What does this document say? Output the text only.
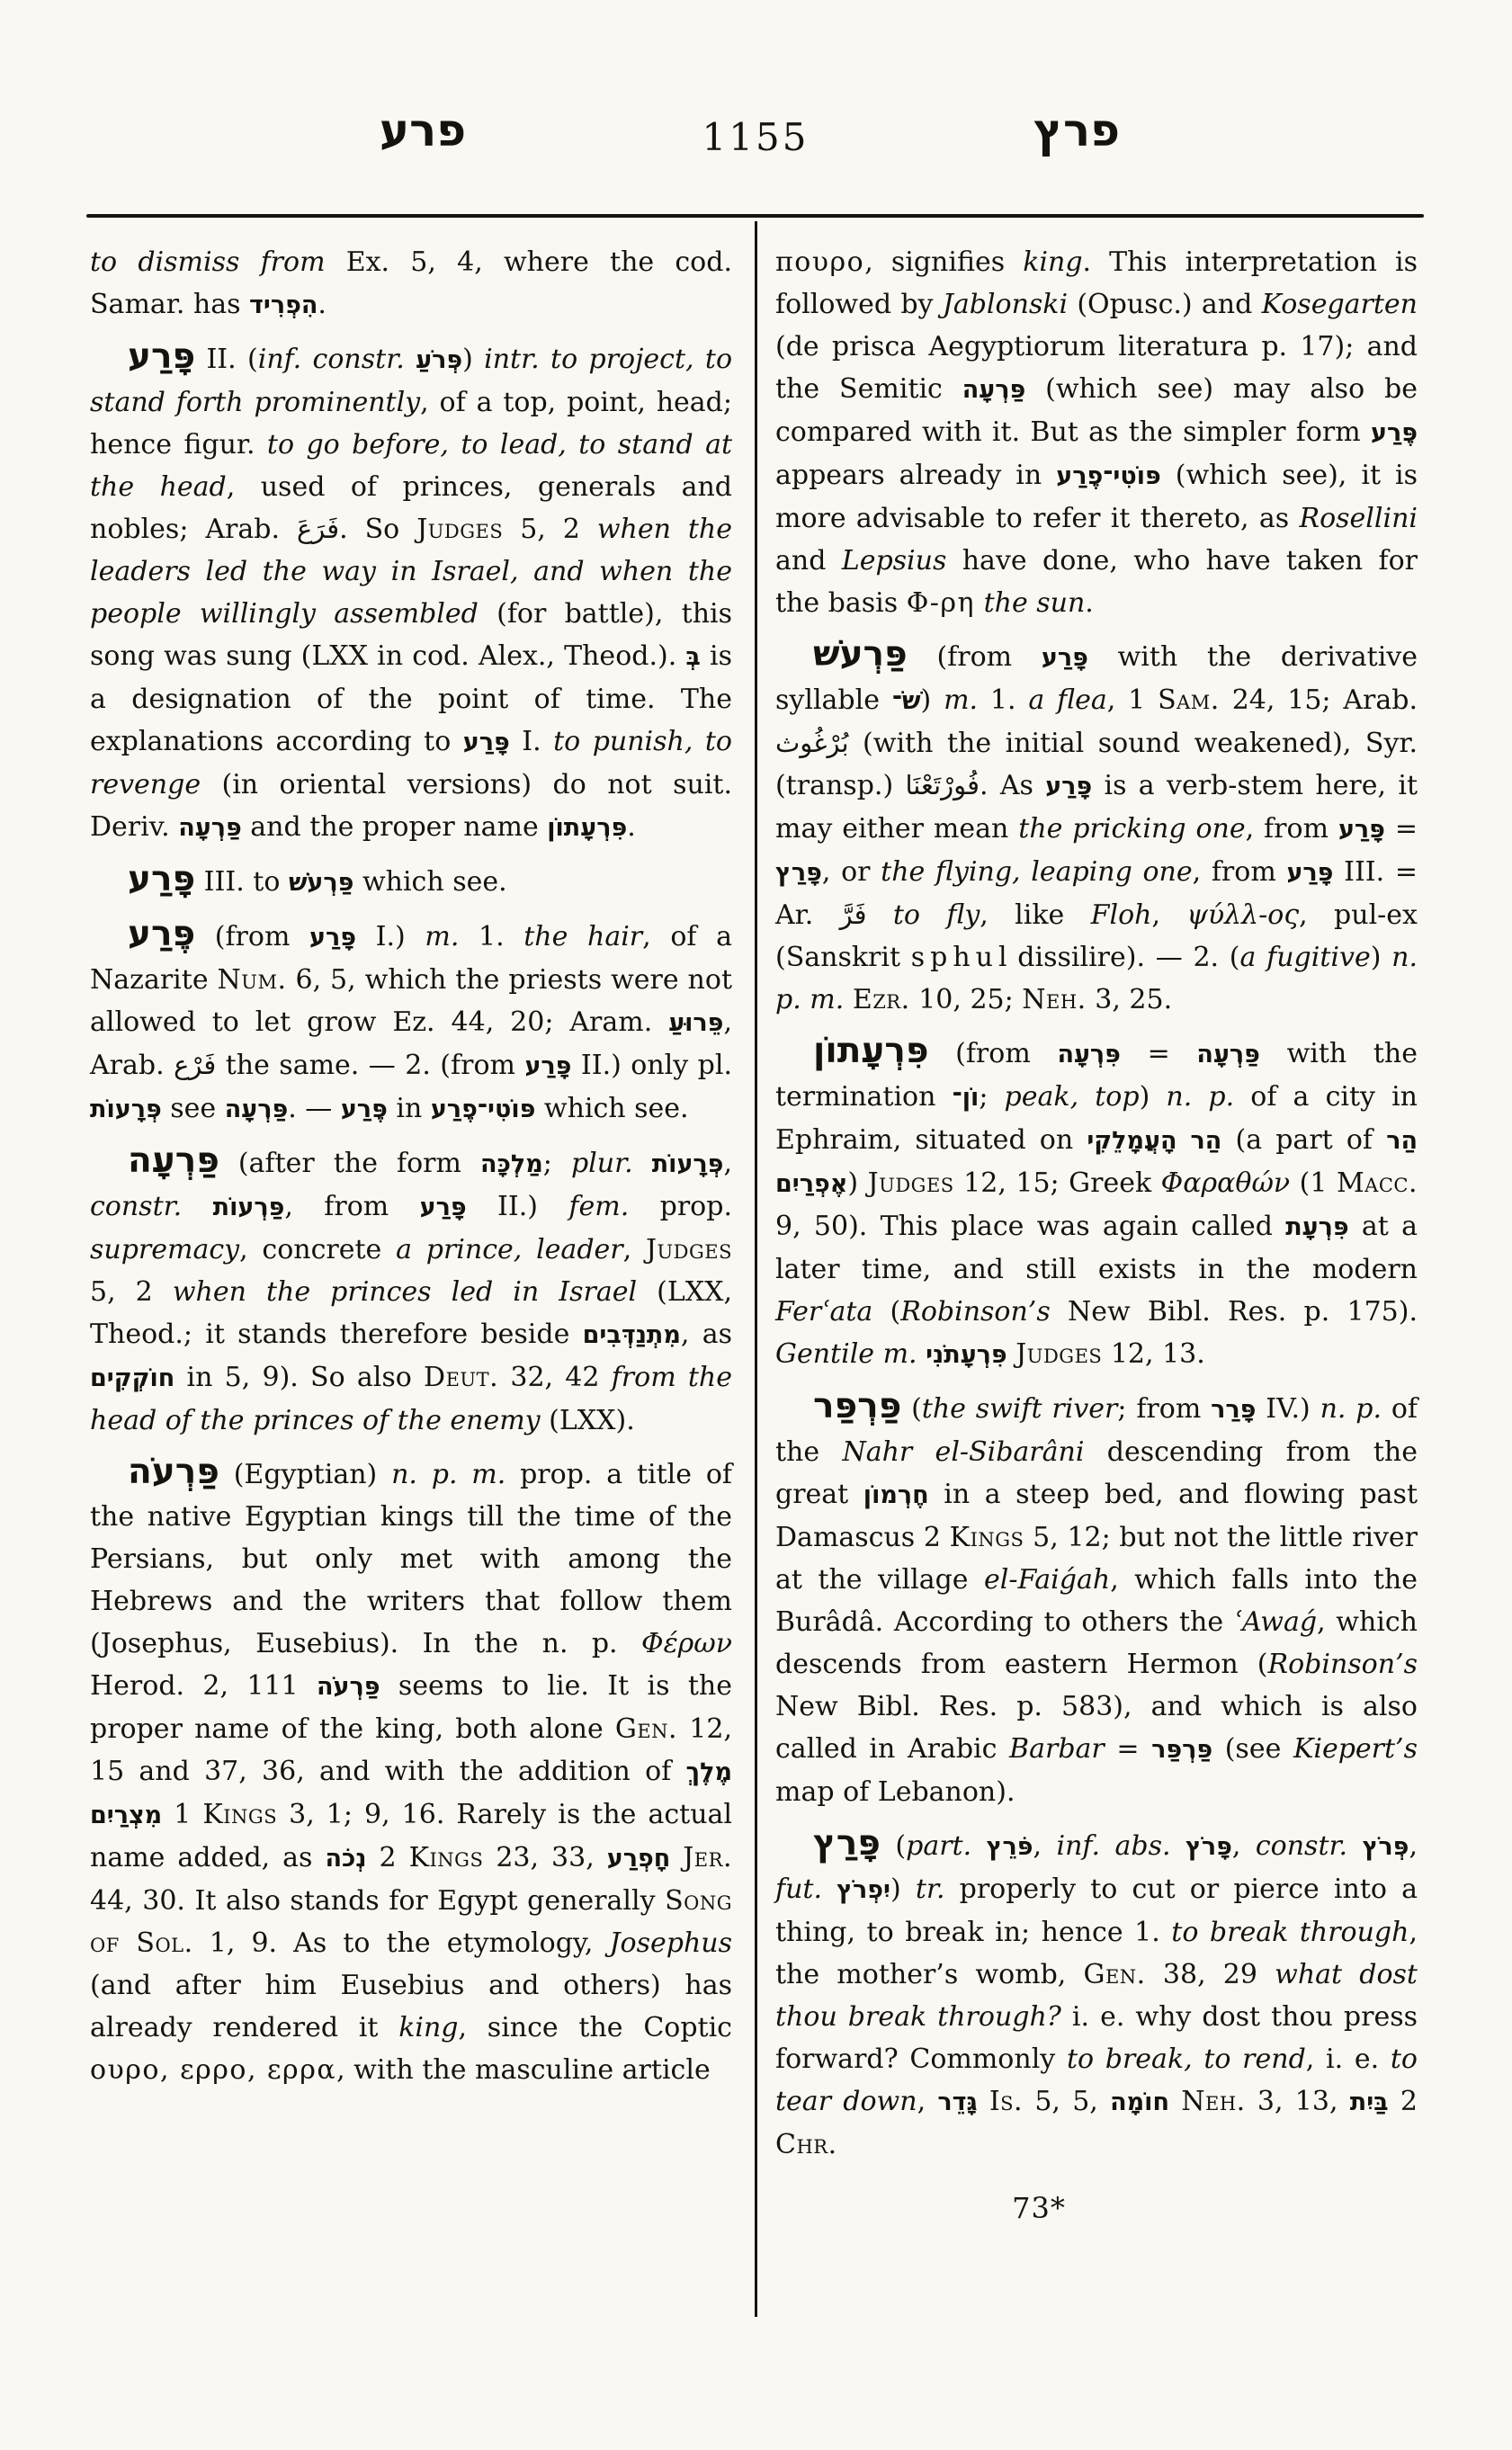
פרע	1155	פרץ

to dismiss from Ex. 5, 4, where the cod. Samar. has הִפְרִיד.

פָּרַע II. (inf. constr. פְּרֹעַ) intr. to project, to stand forth prominently, of a top, point, head; hence figur. to go before, to lead, to stand at the head, used of princes, generals and nobles; Arab. فَرَعَ. So Judges 5, 2 when the leaders led the way in Israel, and when the people willingly assembled (for battle), this song was sung (LXX in cod. Alex., Theod.). בְּ is a designation of the point of time. The explanations according to פָּרַע I. to punish, to revenge (in oriental versions) do not suit. Deriv. פַּרְעָה and the proper name פִּרְעָתוֹן.

פָּרַע III. to פַּרְעֹשׁ which see.

פֶּרַע (from פָּרַע I.) m. 1. the hair, of a Nazarite Num. 6, 5, which the priests were not allowed to let grow Ez. 44, 20; Aram. פֵּרוּעַ, Arab. فَرْع the same. — 2. (from פָּרַע II.) only pl. פְּרָעוֹת see פַּרְעָה. — פֶּרַע in פּוֹטִי־פֶרַע which see.

פַּרְעָה (after the form מַלְכָּה; plur. פְּרָעוֹת, constr. פַּרְעוֹת, from פָּרַע II.) fem. prop. supremacy, concrete a prince, leader, Judges 5, 2 when the princes led in Israel (LXX, Theod.; it stands therefore beside מִתְנַדְּבִים, as חוֹקְקִים in 5, 9). So also Deut. 32, 42 from the head of the princes of the enemy (LXX).

פַּרְעֹה (Egyptian) n. p. m. prop. a title of the native Egyptian kings till the time of the Persians, but only met with among the Hebrews and the writers that follow them (Josephus, Eusebius). In the n. p. Φέρων Herod. 2, 111 פַּרְעֹה seems to lie. It is the proper name of the king, both alone Gen. 12, 15 and 37, 36, and with the addition of מֶלֶךְ מִצְרַיִם 1 Kings 3, 1; 9, 16. Rarely is the actual name added, as נְכֹה 2 Kings 23, 33, חָפְרַע Jer. 44, 30. It also stands for Egypt generally Song of Sol. 1, 9. As to the etymology, Josephus (and after him Eusebius and others) has already rendered it king, since the Coptic ουρο, ερρο, ερρα, with the masculine article

πουρο, signifies king. This interpretation is followed by Jablonski (Opusc.) and Kosegarten (de prisca Aegyptiorum literatura p. 17); and the Semitic פַּרְעָה (which see) may also be compared with it. But as the simpler form פֶּרַע appears already in פּוֹטִי־פֶרַע (which see), it is more advisable to refer it thereto, as Rosellini and Lepsius have done, who have taken for the basis Φ-ρη the sun.

פַּרְעֹשׁ (from פָּרַע with the derivative syllable שֹׁ־) m. 1. a flea, 1 Sam. 24, 15; Arab. بُرْغُوث (with the initial sound weakened), Syr. (transp.) فُورْتَعْنَا. As פָּרַע is a verb-stem here, it may either mean the pricking one, from פָּרַע = פָּרַץ, or the flying, leaping one, from פָּרַע III. = Ar. فَرَّ to fly, like Floh, ψύλλ-ος, pul-ex (Sanskrit s p h u l dissilire). — 2. (a fugitive) n. p. m. Ezr. 10, 25; Neh. 3, 25.

פִּרְעָתוֹן (from פִּרְעָה = פַּרְעָה with the termination וֹן־; peak, top) n. p. of a city in Ephraim, situated on הַר הָעֲמָלֵקִי (a part of הַר אֶפְרַיִם) Judges 12, 15; Greek Φαραθών (1 Macc. 9, 50). This place was again called פִּרְעָת at a later time, and still exists in the modern Ferʿata (Robinson’s New Bibl. Res. p. 175). Gentile m. פִּרְעָתֹנִי Judges 12, 13.

פַּרְפַּר (the swift river; from פָּרַר IV.) n. p. of the Nahr el-Sibarâni descending from the great חֶרְמוֹן in a steep bed, and flowing past Damascus 2 Kings 5, 12; but not the little river at the village el-Faiǵah, which falls into the Burâdâ. According to others the ʿAwaǵ, which descends from eastern Hermon (Robinson’s New Bibl. Res. p. 583), and which is also called in Arabic Barbar = פַּרְפַּר (see Kiepert’s map of Lebanon).

פָּרַץ (part. פֹּרֵץ, inf. abs. פָּרֹץ, constr. פְּרֹץ, fut. יִפְרֹץ) tr. properly to cut or pierce into a thing, to break in; hence 1. to break through, the mother’s womb, Gen. 38, 29 what dost thou break through? i. e. why dost thou press forward? Commonly to break, to rend, i. e. to tear down, גָּדֵר Is. 5, 5, חוֹמָה Neh. 3, 13, בַּיִת 2 Chr.

73*
